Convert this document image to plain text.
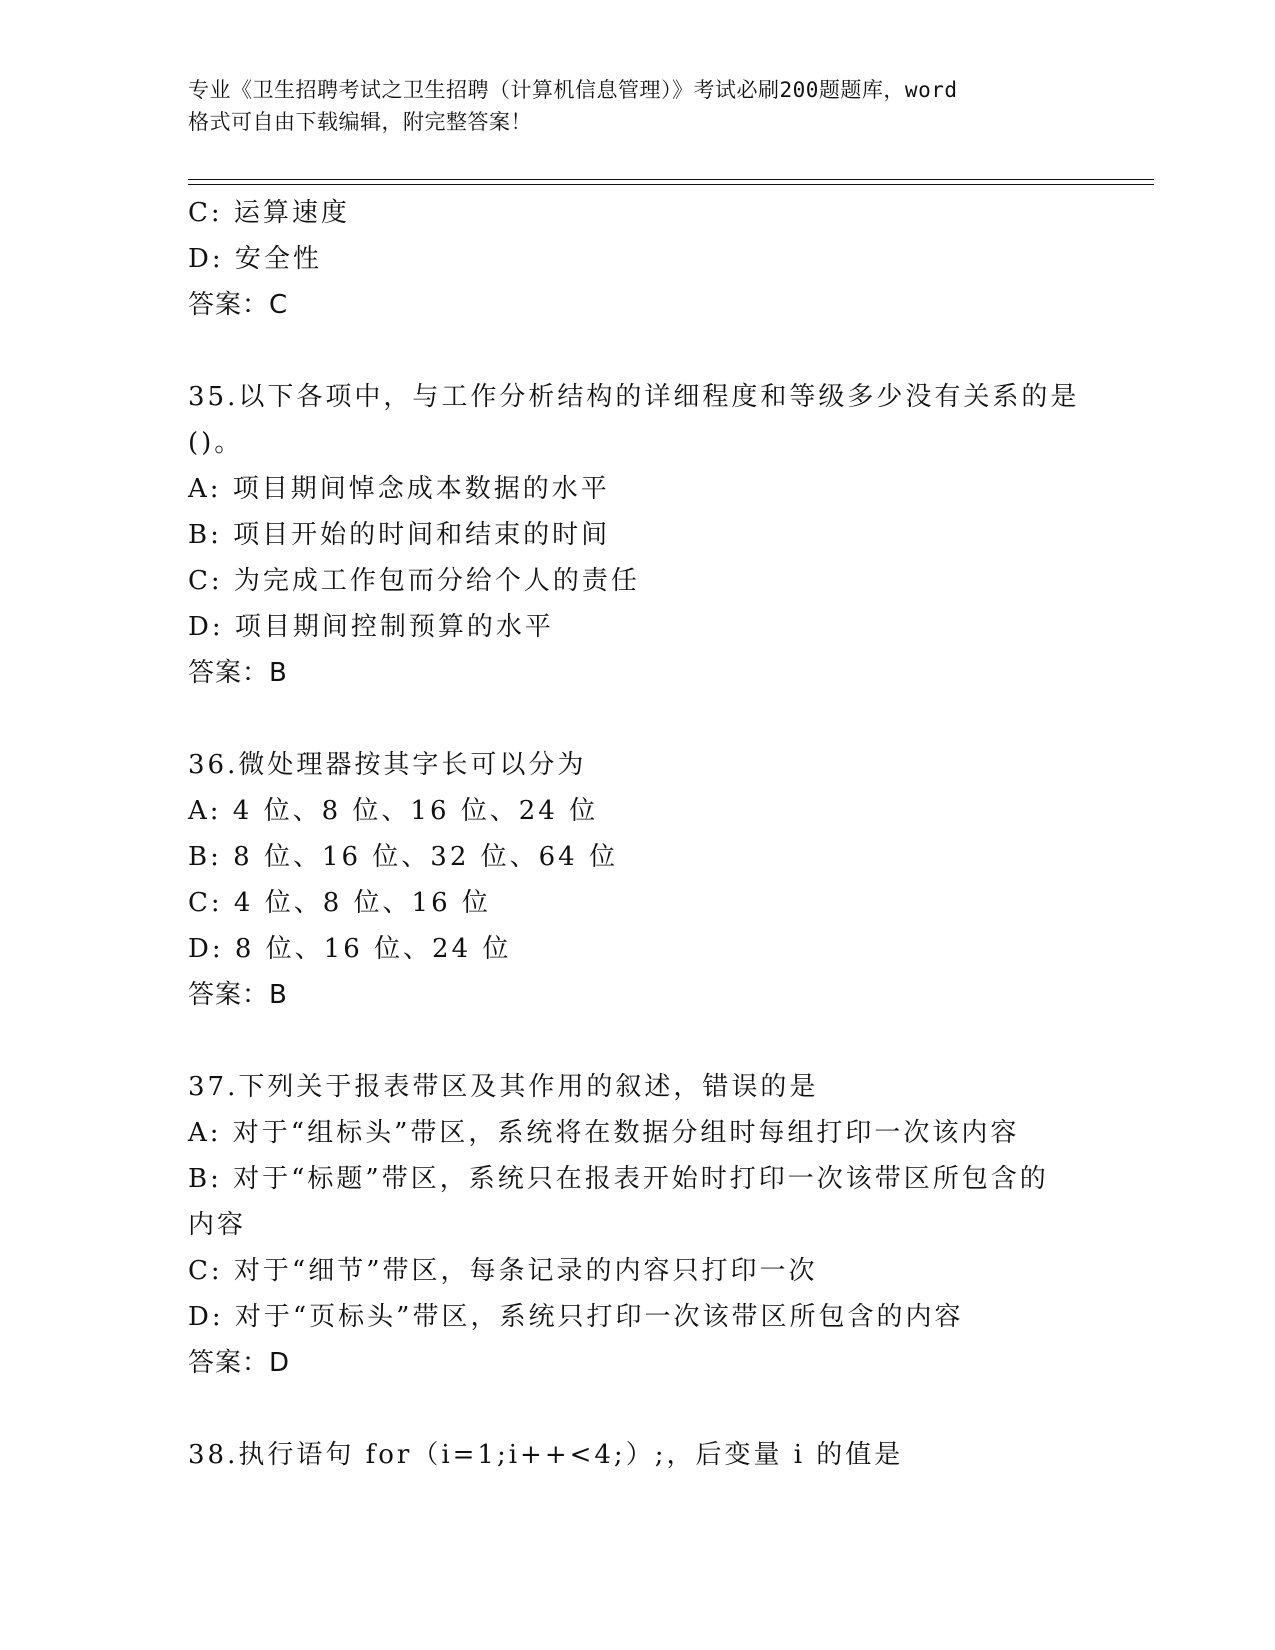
专业《卫生招聘考试之卫生招聘（计算机信息管理）》考试必刷200题题库，word
格式可自由下载编辑，附完整答案！
C: 运算速度
D: 安全性
答案：C
35.以下各项中，与工作分析结构的详细程度和等级多少没有关系的是
()。
A: 项目期间悼念成本数据的水平
B: 项目开始的时间和结束的时间
C: 为完成工作包而分给个人的责任
D: 项目期间控制预算的水平
答案：B
36.微处理器按其字长可以分为
A: 4 位、8 位、16 位、24 位
B: 8 位、16 位、32 位、64 位
C: 4 位、8 位、16 位
D: 8 位、16 位、24 位
答案：B
37.下列关于报表带区及其作用的叙述，错误的是
A: 对于“组标头”带区，系统将在数据分组时每组打印一次该内容
B: 对于“标题”带区，系统只在报表开始时打印一次该带区所包含的
内容
C: 对于“细节”带区，每条记录的内容只打印一次
D: 对于“页标头”带区，系统只打印一次该带区所包含的内容
答案：D
38.执行语句 for（i=1;i++<4;）;，后变量 i 的值是
